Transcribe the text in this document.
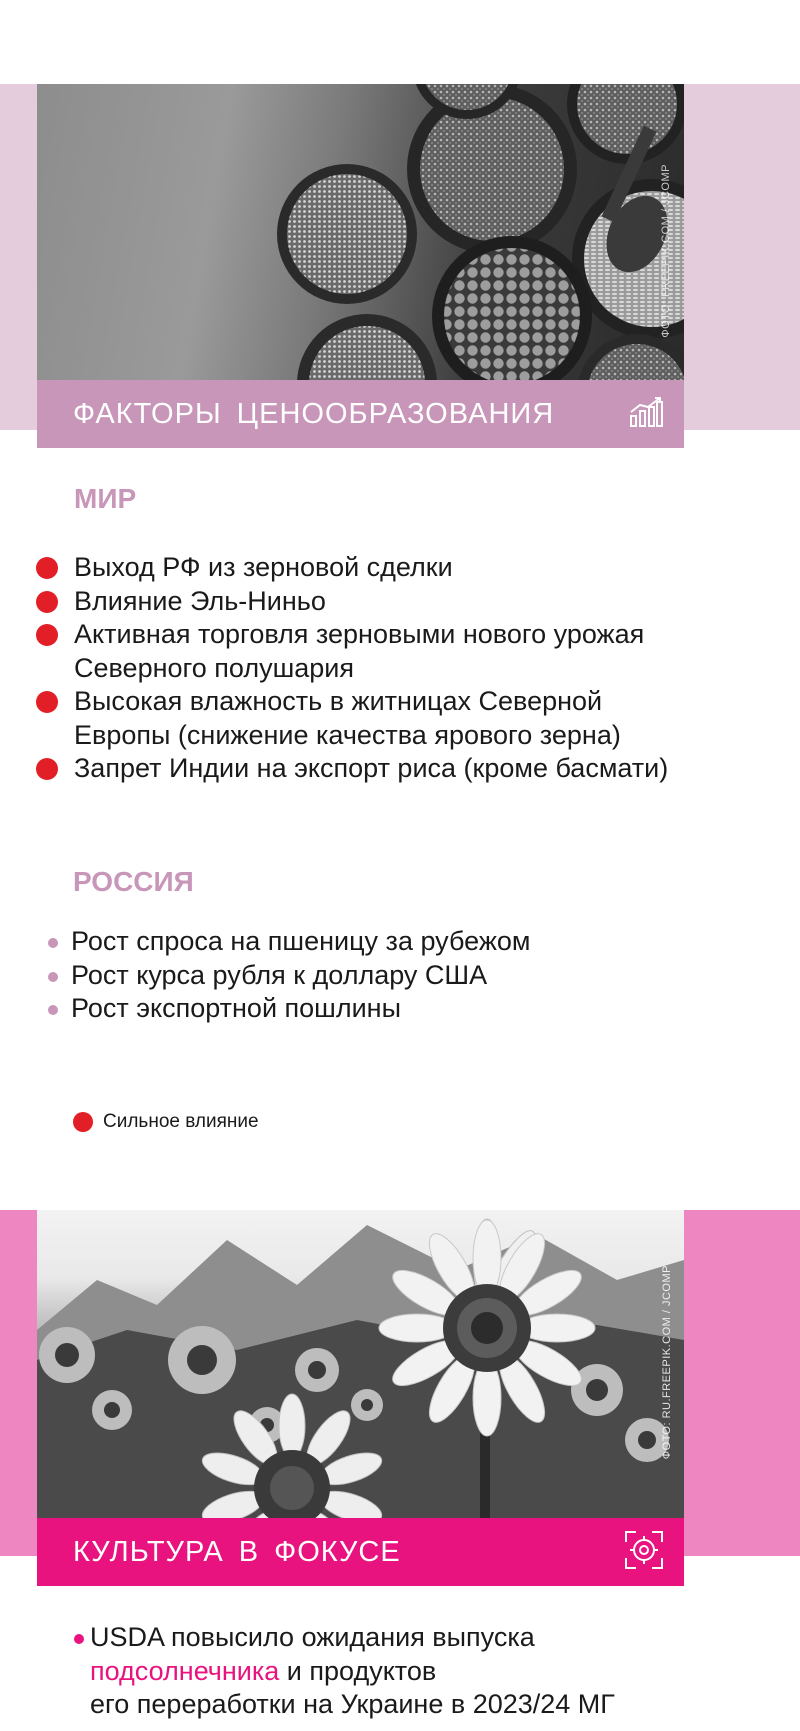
ФОТО: FREEPIK.COM / JCOMP
ФАКТОРЫ ЦЕНООБРАЗОВАНИЯ
МИР
Выход РФ из зерновой сделки
Влияние Эль-Ниньо
Активная торговля зерновыми нового урожая
Северного полушария
Высокая влажность в житницах Северной
Европы (снижение качества ярового зерна)
Запрет Индии на экспорт риса (кроме басмати)
РОССИЯ
Рост спроса на пшеницу за рубежом
Рост курса рубля к доллару США
Рост экспортной пошлины
Сильное влияние
ФОТО: RU.FREEPIK.COM / JCOMP
КУЛЬТУРА В ФОКУСЕ
USDA повысило ожидания выпуска
подсолнечника и продуктов
его переработки на Украине в 2023/24 МГ
